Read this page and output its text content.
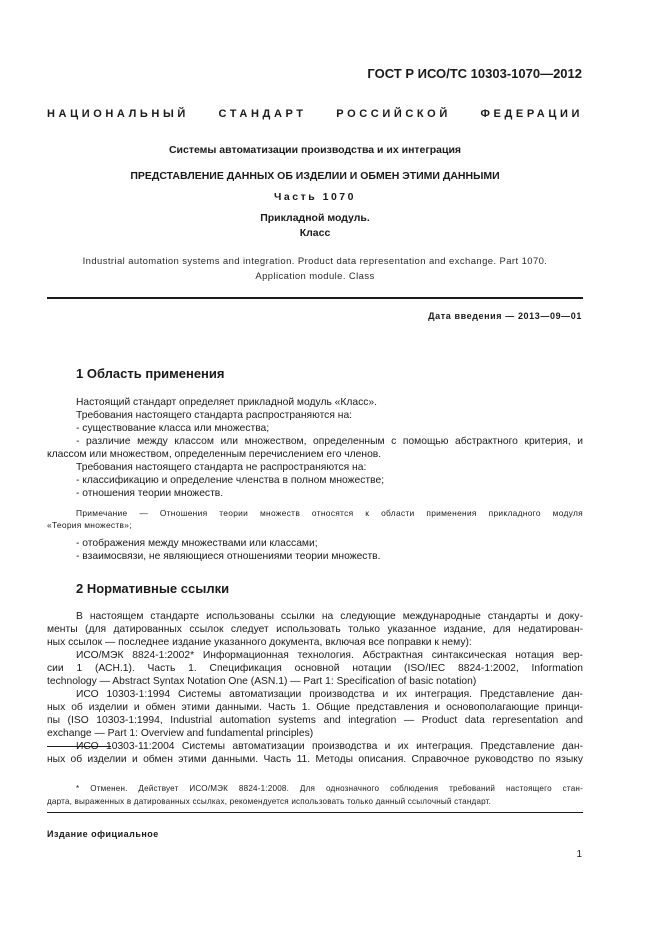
ГОСТ Р ИСО/ТС 10303-1070—2012
НАЦИОНАЛЬНЫЙ	СТАНДАРТ	РОССИЙСКОЙ	ФЕДЕРАЦИИ
Системы автоматизации производства и их интеграция
ПРЕДСТАВЛЕНИЕ ДАННЫХ ОБ ИЗДЕЛИИ И ОБМЕН ЭТИМИ ДАННЫМИ
Часть 1070
Прикладной модуль.
Класс
Industrial automation systems and integration. Product data representation and exchange. Part 1070.
Application module. Class
Дата введения — 2013—09—01
1 Область применения
Настоящий стандарт определяет прикладной модуль «Класс».
Требования настоящего стандарта распространяются на:
- существование класса или множества;
- различие между классом или множеством, определенным с помощью абстрактного критерия, и
классом или множеством, определенным перечислением его членов.
Требования настоящего стандарта не распространяются на:
- классификацию и определение членства в полном множестве;
- отношения теории множеств.
Примечание — Отношения теории множеств относятся к области применения прикладного модуля
«Теория множеств»;
- отображения между множествами или классами;
- взаимосвязи, не являющиеся отношениями теории множеств.
2 Нормативные ссылки
В настоящем стандарте использованы ссылки на следующие международные стандарты и доку-
менты (для датированных ссылок следует использовать только указанное издание, для недатирован-
ных ссылок — последнее издание указанного документа, включая все поправки к нему):
ИСО/МЭК 8824-1:2002* Информационная технология. Абстрактная синтаксическая нотация вер-
сии 1 (АСН.1). Часть 1. Спецификация основной нотации (ISO/IEC 8824-1:2002, Information
technology — Abstract Syntax Notation One (ASN.1) — Part 1: Specification of basic notation)
ИСО 10303-1:1994 Системы автоматизации производства и их интеграция. Представление дан-
ных об изделии и обмен этими данными. Часть 1. Общие представления и основополагающие принци-
пы (ISO 10303-1:1994, Industrial automation systems and integration — Product data representation and
exchange — Part 1: Overview and fundamental principles)
ИСО 10303-11:2004 Системы автоматизации производства и их интеграция. Представление дан-
ных об изделии и обмен этими данными. Часть 11. Методы описания. Справочное руководство по языку
* Отменен. Действует ИСО/МЭК 8824-1:2008. Для однозначного соблюдения требований настоящего стан-
дарта, выраженных в датированных ссылках, рекомендуется использовать только данный ссылочный стандарт.
Издание официальное
1
